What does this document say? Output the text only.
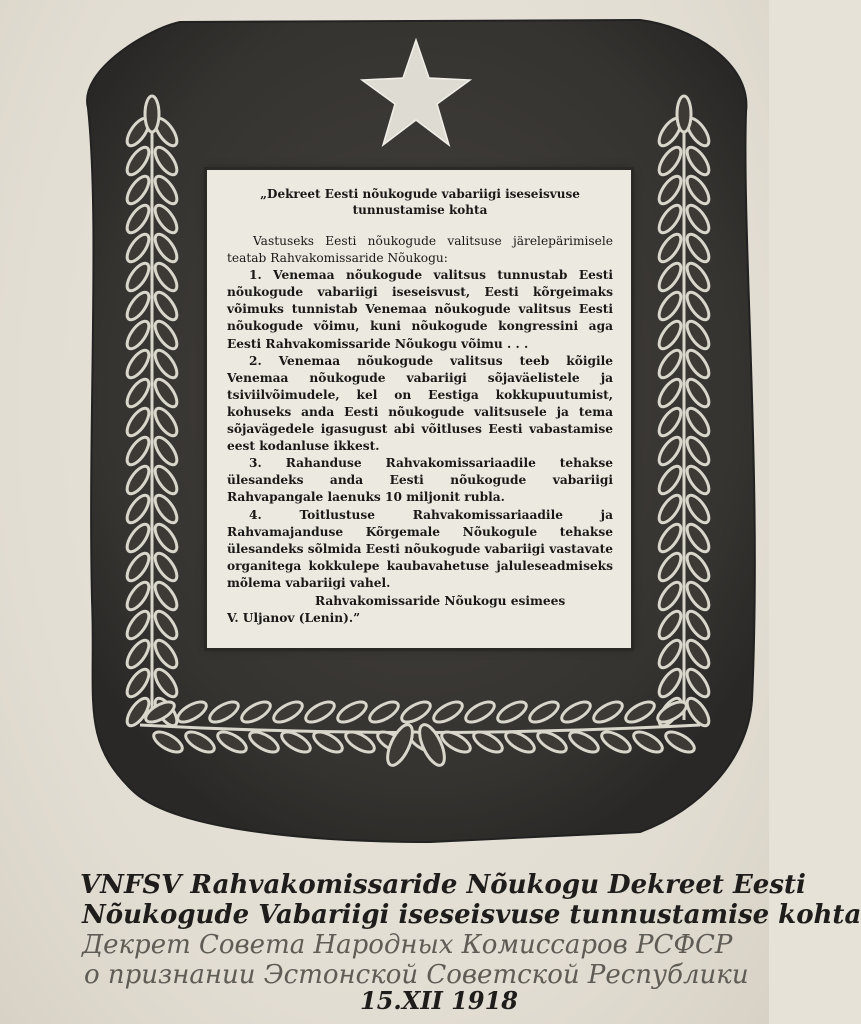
„Dekreet Eesti nõukogude vabariigi iseseisvuse tunnustamise kohta

Vastuseks Eesti nõukogude valitsuse järelepärimisele teatab Rahvakomissaride Nõukogu:

1. Venemaa nõukogude valitsus tunnustab Eesti nõukogude vabariigi iseseisvust, Eesti kõrgeimaks võimuks tunnistab Venemaa nõukogude valitsus Eesti nõukogude võimu, kuni nõukogude kongressini aga Eesti Rahvakomissaride Nõukogu võimu . . .

2. Venemaa nõukogude valitsus teeb kõigile Venemaa nõukogude vabariigi sõjaväelistele ja tsiviilvõimudele, kel on Eestiga kokkupuutumist, kohuseks anda Eesti nõukogude valitsusele ja tema sõjavägedele igasugust abi võitluses Eesti vabastamise eest kodanluse ikkest.

3. Rahanduse Rahvakomissariaadile tehakse ülesandeks anda Eesti nõukogude vabariigi Rahvapangale laenuks 10 miljonit rubla.

4. Toitlustuse Rahvakomissariaadile ja Rahvamajanduse Kõrgemale Nõukogule tehakse ülesandeks sõlmida Eesti nõukogude vabariigi vastavate organitega kokkulepe kaubavahetuse jaluleseadmiseks mõlema vabariigi vahel.

Rahvakomissaride Nõukogu esimees

V. Uljanov (Lenin).”

VNFSV Rahvakomissaride Nõukogu Dekreet Eesti
Nõukogude Vabariigi iseseisvuse tunnustamise kohta
Декрет Совета Народных Комиссаров РСФСР
о признании Эстонской Советской Республики
15.XII 1918
